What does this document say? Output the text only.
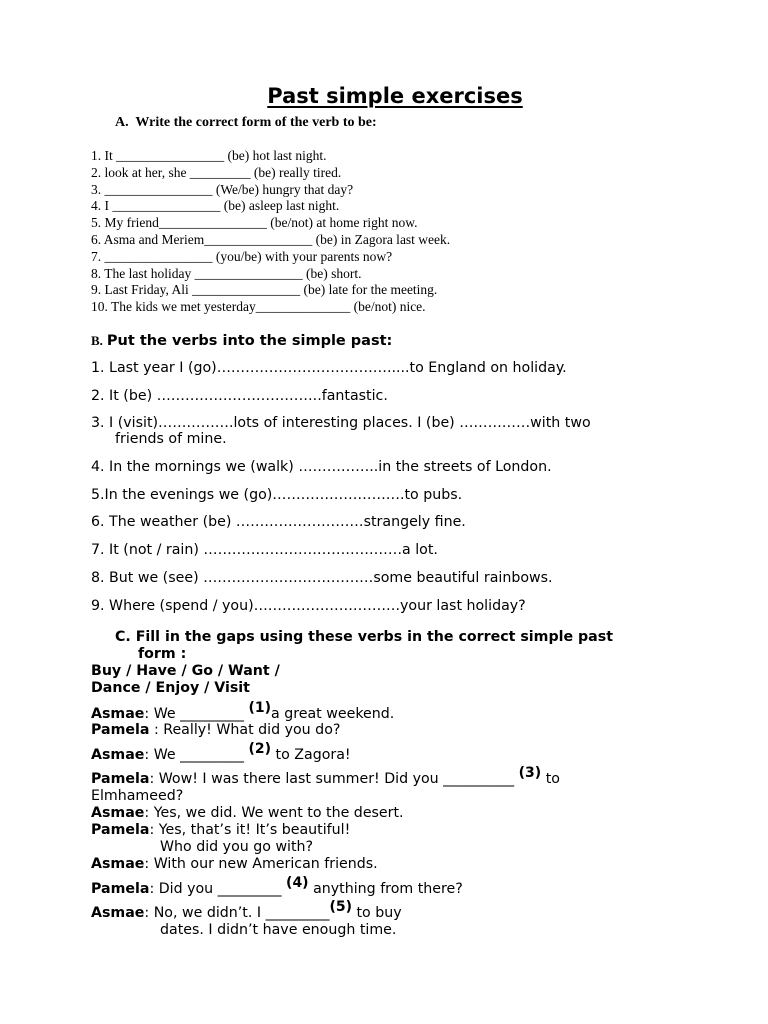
Past simple exercises
A. Write the correct form of the verb to be:
1. It ________________ (be) hot last night.
2. look at her, she _________ (be) really tired.
3. ________________ (We/be) hungry that day?
4. I ________________ (be) asleep last night.
5. My friend________________ (be/not) at home right now.
6. Asma and Meriem________________ (be) in Zagora last week.
7. ________________ (you/be) with your parents now?
8. The last holiday ________________ (be) short.
9. Last Friday, Ali ________________ (be) late for the meeting.
10. The kids we met yesterday______________ (be/not) nice.
B. Put the verbs into the simple past:
1. Last year I (go)……………………………….....to England on holiday.
2. It (be) ……………………………..fantastic.
3. I (visit)…………….lots of interesting places. I (be) ……………with two
friends of mine.
4. In the mornings we (walk) ……………..in the streets of London.
5.In the evenings we (go)……………………….to pubs.
6. The weather (be) ………………………strangely fine.
7. It (not / rain) ……………………………………a lot.
8. But we (see) ………………………………some beautiful rainbows.
9. Where (spend / you)………………………….your last holiday?
C. Fill in the gaps using these verbs in the correct simple past
form :
Buy / Have / Go / Want /
Dance / Enjoy / Visit
Asmae: We _________ (1)a great weekend.
Pamela : Really! What did you do?
Asmae: We _________ (2) to Zagora!
Pamela: Wow! I was there last summer! Did you __________ (3) to
Elmhameed?
Asmae: Yes, we did. We went to the desert.
Pamela: Yes, that’s it! It’s beautiful!
Who did you go with?
Asmae: With our new American friends.
Pamela: Did you _________ (4) anything from there?
Asmae: No, we didn’t. I _________(5) to buy
dates. I didn’t have enough time.
